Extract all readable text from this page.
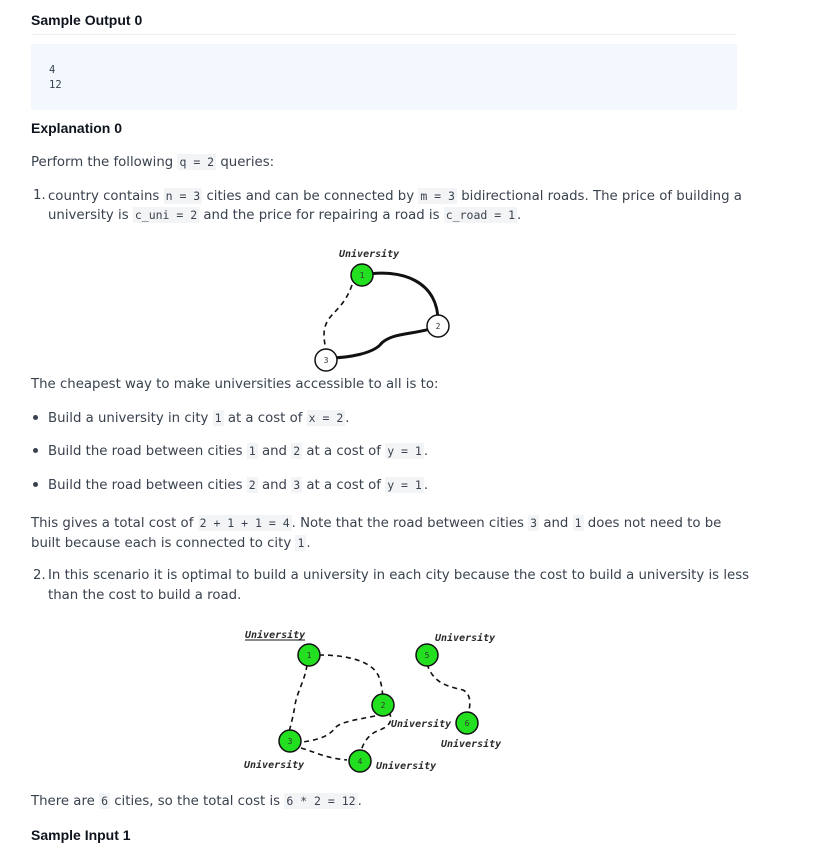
Sample Output 0
4
12
Explanation 0
Perform the following q = 2 queries:
1. country contains n = 3 cities and can be connected by m = 3 bidirectional roads. The price of building a
university is c_uni = 2 and the price for repairing a road is c_road = 1 .
University
1
2
3
The cheapest way to make universities accessible to all is to:
Build a university in city 1 at a cost of x = 2 .
Build the road between cities 1 and 2 at a cost of y = 1 .
Build the road between cities 2 and 3 at a cost of y = 1 .
This gives a total cost of 2 + 1 + 1 = 4 . Note that the road between cities 3 and 1 does not need to be
built because each is connected to city 1 .
2. In this scenario it is optimal to build a university in each city because the cost to build a university is less
than the cost to build a road.
University	University
University
University
University	University
1
2
3
4
5
6
There are 6 cities, so the total cost is 6 * 2 = 12 .
Sample Input 1
